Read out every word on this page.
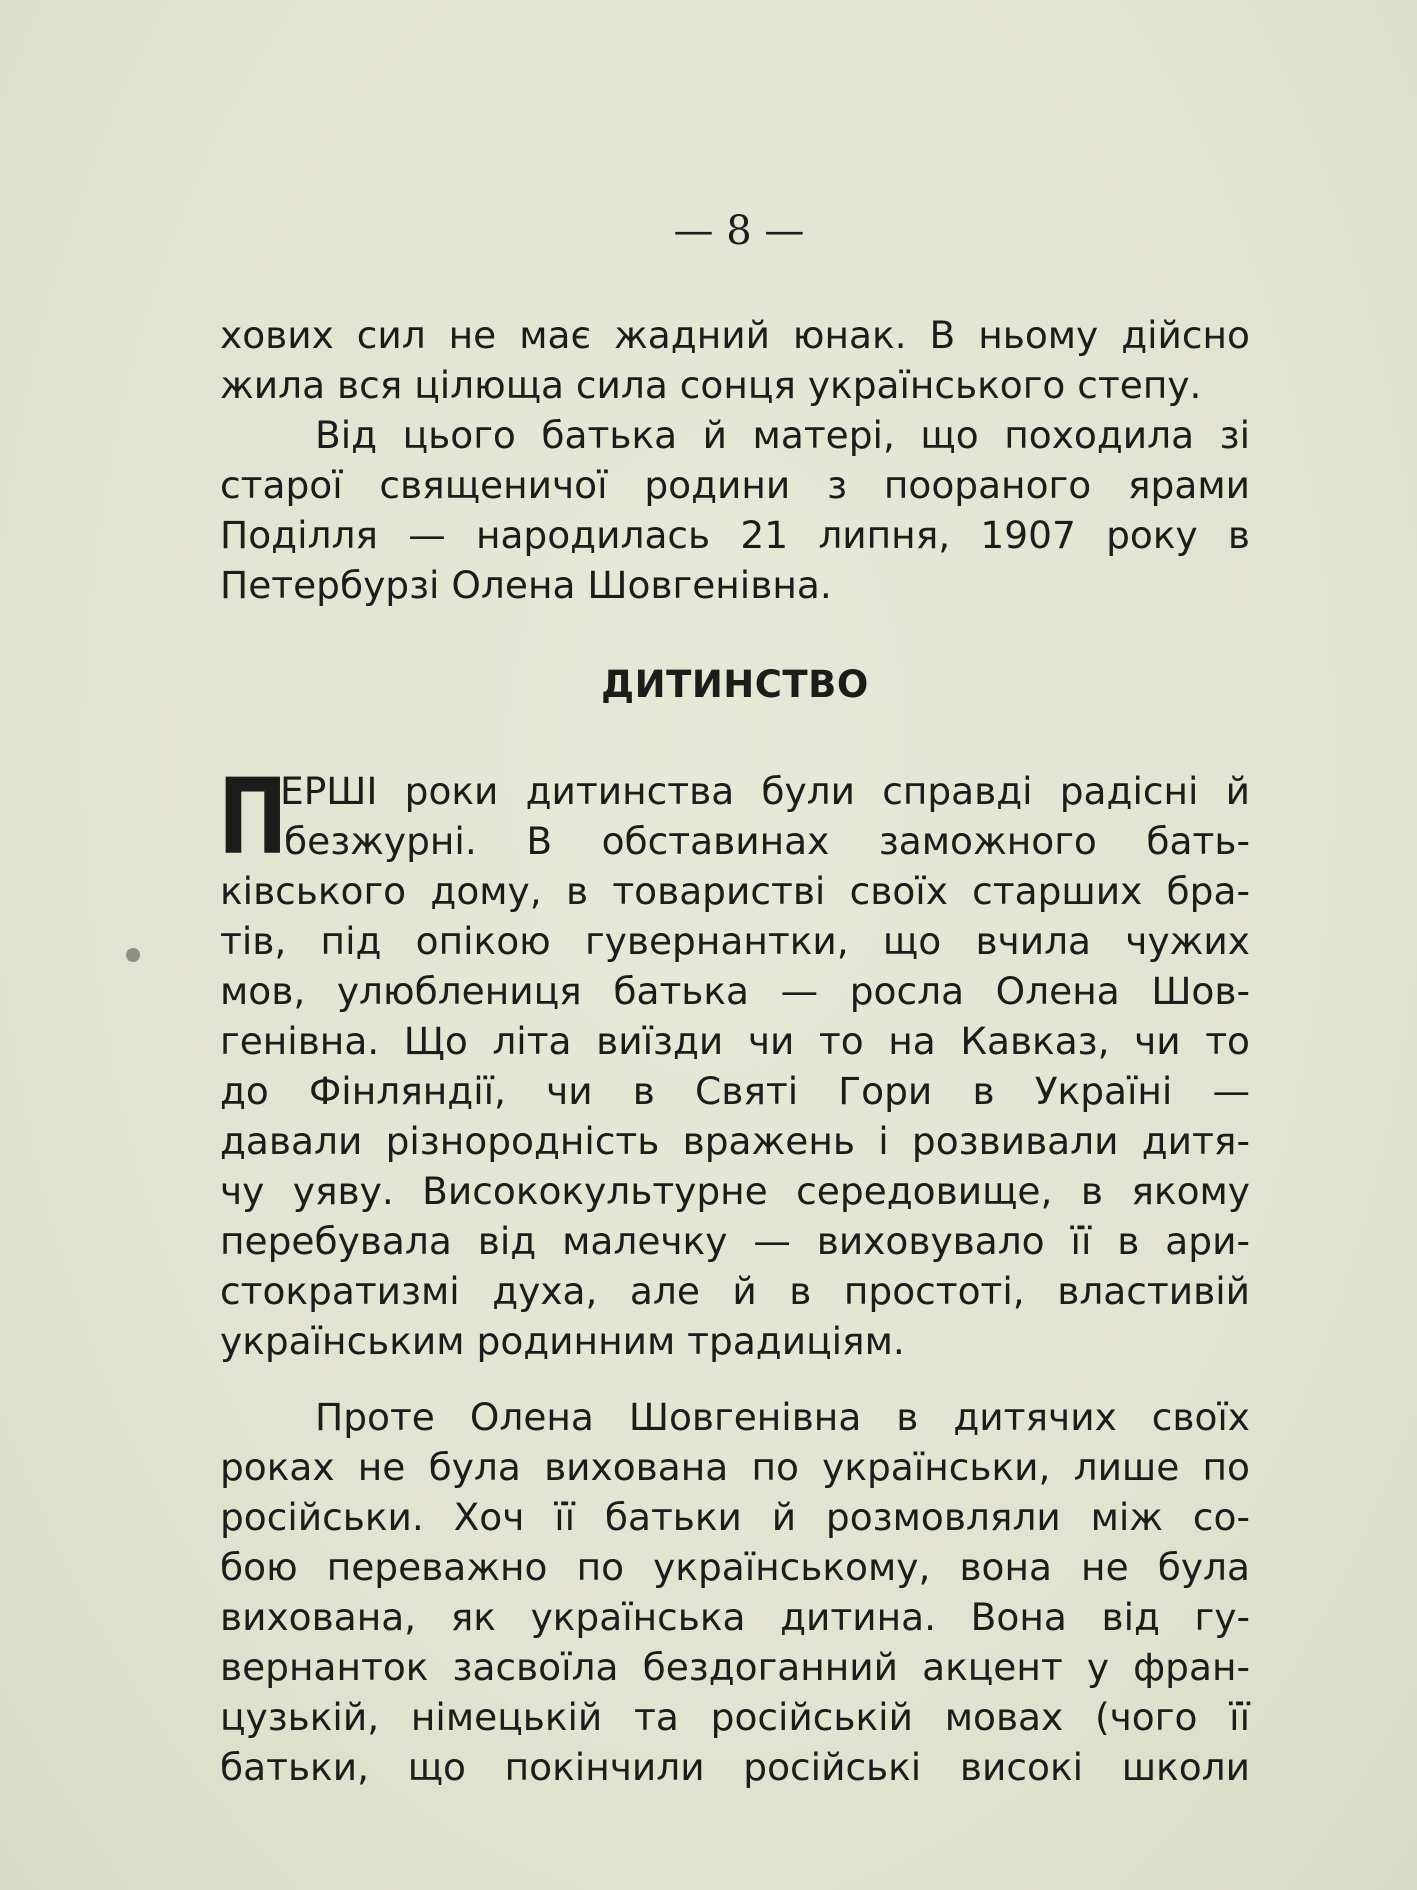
— 8 —
ховиx сил не має жадний юнак. В ньому дійсно
жила вся цілюща сила сонця українського степу.
Від цього батька й матері, що походила зі
старої священичої родини з пooраного ярами
Поділля — народилась 21 липня, 1907 року в
Петербурзі Олена Шовгенівна.
ДИТИНСТВО
П
ЕРШІ роки дитинства були справді радісні й
безжурні. В обставинах заможного бать-
ківського дому, в товаристві своїх старших бра-
тів, під опікою гувернантки, що вчила чужих
мов, улюблениця батька — росла Олена Шов-
генівна. Що літа виїзди чи то на Кавказ, чи то
до Фінляндії, чи в Святі Гори в Україні —
давали різнородність вражень і розвивали дитя-
чу уяву. Висококультурне середовище, в якому
перебувала від малечку — виховувало її в ари-
стократизмі духа, але й в простоті, властивій
українським родинним традиціям.
Проте Олена Шовгенівна в дитячих своїх
роках не була вихована по українськи, лише по
російськи. Хоч її батьки й розмовляли між со-
бою переважно по українському, вона не була
вихована, як українська дитина. Вона від гу-
вернанток засвоїла бездоганний акцент у фран-
цузькій, німецькій та російській мовах (чого її
батьки, що покінчили російські високі школи
